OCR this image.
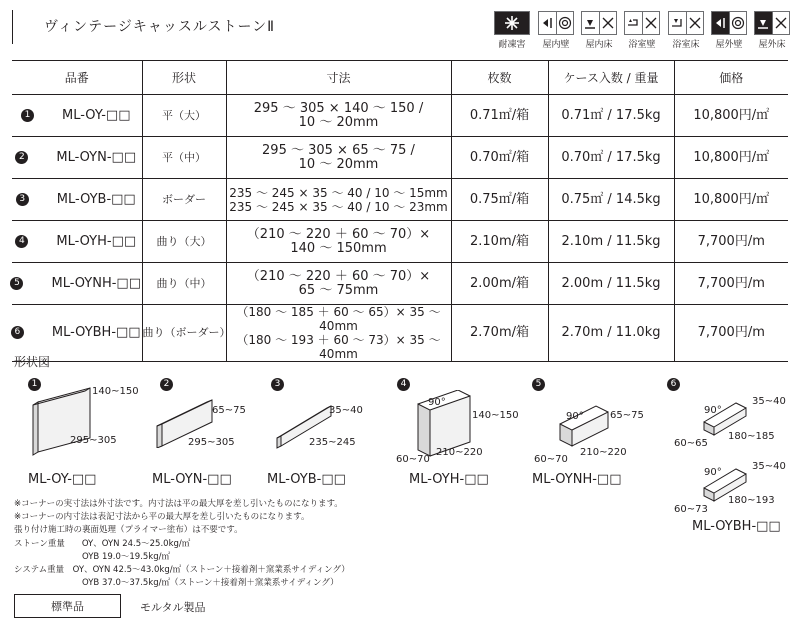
ヴィンテージキャッスルストーンⅡ
耐凍害 屋内壁 屋内床 浴室壁 浴室床 屋外壁 屋外床
品番	形状	寸法	枚数	ケース入数 / 重量	価格
1 ML-OY-□□	平（大）	295 ～ 305 × 140 ～ 150 /
10 ～ 20mm	0.71㎡/箱	0.71㎡ / 17.5kg	10,800円/㎡
2 ML-OYN-□□	平（中）	295 ～ 305 × 65 ～ 75 /
10 ～ 20mm	0.70㎡/箱	0.70㎡ / 17.5kg	10,800円/㎡
3 ML-OYB-□□	ボーダー	235 ～ 245 × 35 ～ 40 / 10 ～ 15mm
235 ～ 245 × 35 ～ 40 / 10 ～ 23mm	0.75㎡/箱	0.75㎡ / 14.5kg	10,800円/㎡
4 ML-OYH-□□	曲り（大）	（210 ～ 220 ＋ 60 ～ 70）×
140 ～ 150mm	2.10m/箱	2.10m / 11.5kg	7,700円/m
5 ML-OYNH-□□	曲り（中）	（210 ～ 220 ＋ 60 ～ 70）×
65 ～ 75mm	2.00m/箱	2.00m / 11.5kg	7,700円/m
6 ML-OYBH-□□	曲り（ボーダー）	（180 ～ 185 ＋ 60 ～ 65）× 35 ～ 40mm
（180 ～ 193 ＋ 60 ～ 73）× 35 ～ 40mm	2.70m/箱	2.70m / 11.0kg	7,700円/m
形状図
1
140~150
295~305
ML-OY-□□
2
65~75
295~305
ML-OYN-□□
3
35~40
235~245
ML-OYB-□□
4
90°
140~150
60~70
210~220
ML-OYH-□□
5
90°	65~75
60~70
210~220
ML-OYNH-□□
6
90°
35~40
60~65
180~185
90°
35~40
60~73
180~193
ML-OYBH-□□
※コーナーの実寸法は外寸法です。内寸法は平の最大厚を差し引いたものになります。
※コーナーの内寸法は表記寸法から平の最大厚を差し引いたものになります。
張り付け施工時の裏面処理（プライマー塗布）は不要です。
ストーン重量　　OY、OYN 24.5～25.0kg/㎡
　　　　　　　　OYB 19.0～19.5kg/㎡
システム重量　OY、OYN 42.5～43.0kg/㎡（ストーン＋接着剤＋窯業系サイディング）
　　　　　　　　OYB 37.0～37.5kg/㎡（ストーン＋接着剤＋窯業系サイディング）
標準品	モルタル製品
